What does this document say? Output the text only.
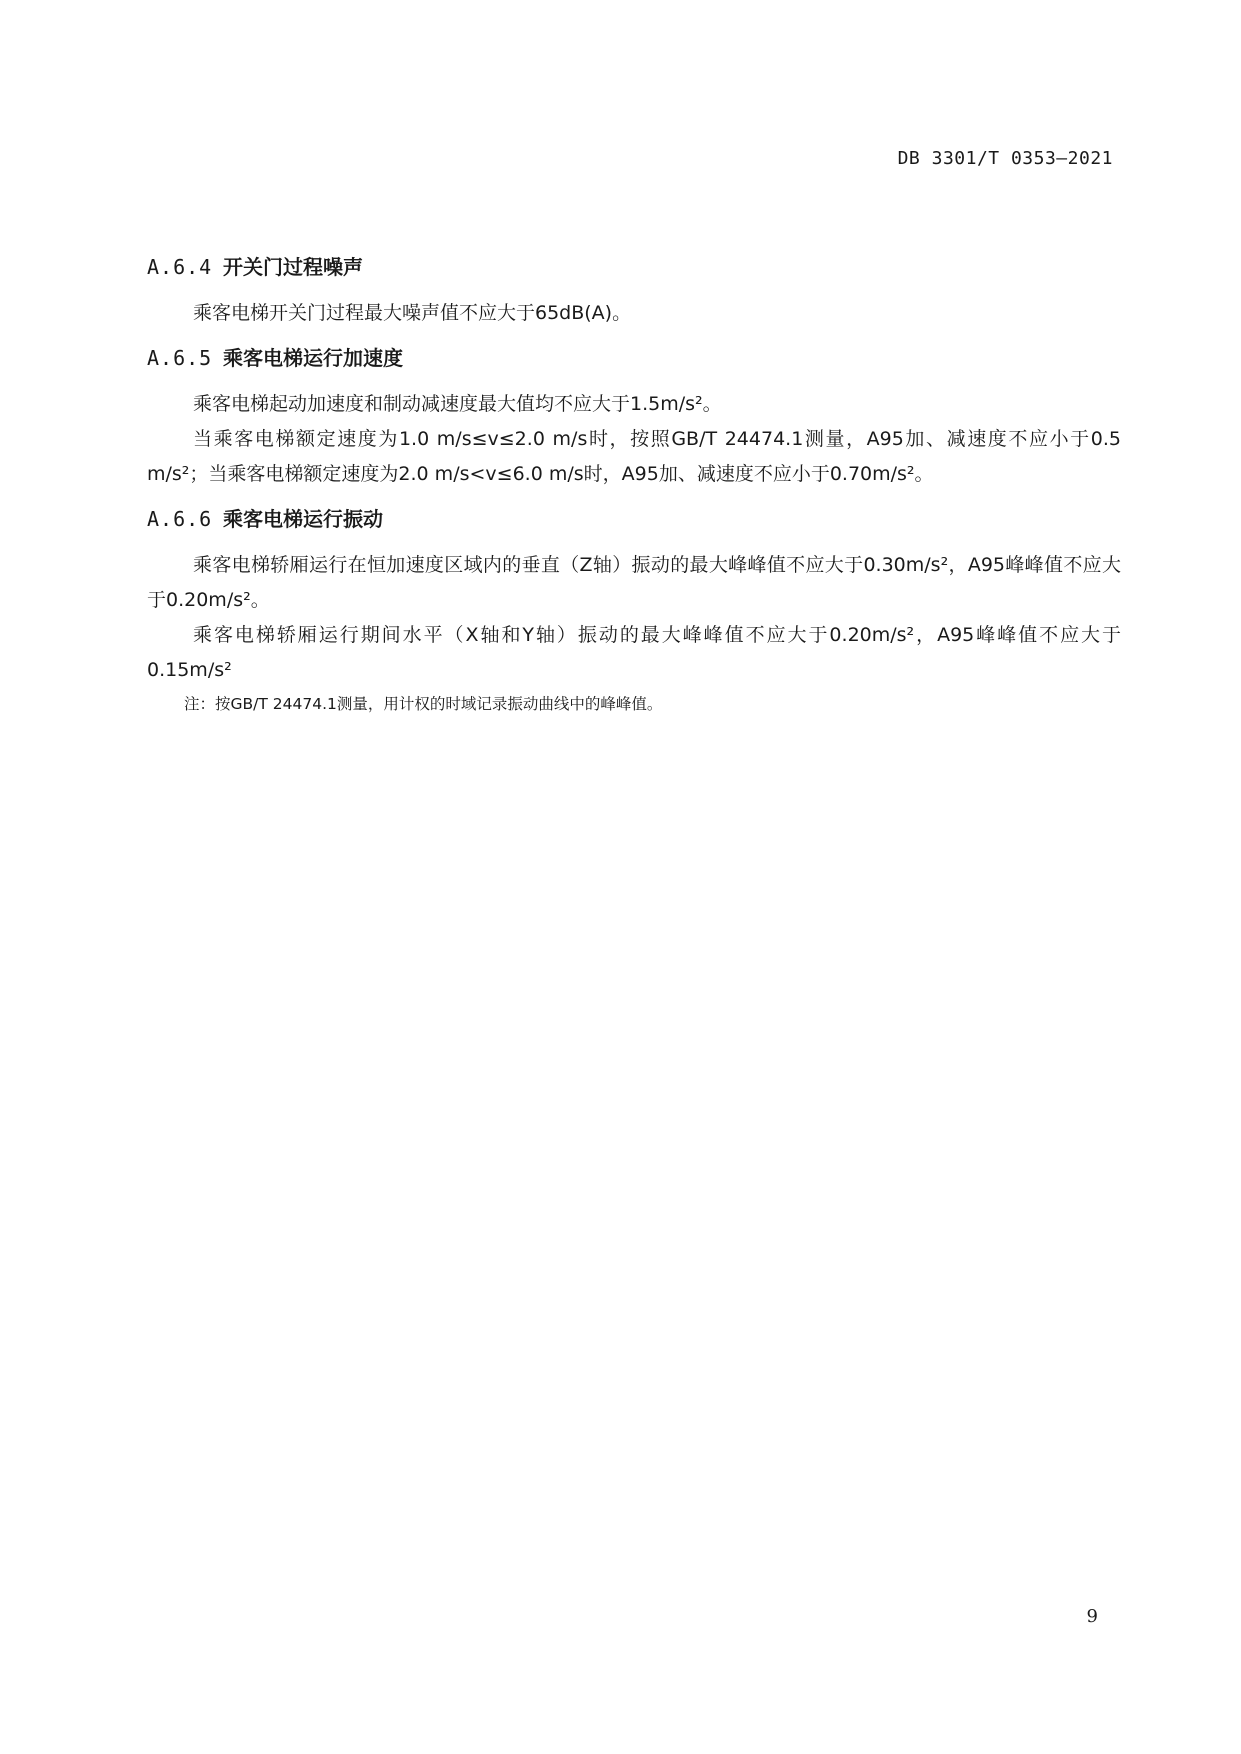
DB 3301/T 0353—2021
A.6.4 开关门过程噪声

乘客电梯开关门过程最大噪声值不应大于65dB(A)。

A.6.5 乘客电梯运行加速度

乘客电梯起动加速度和制动减速度最大值均不应大于1.5m/s²。

当乘客电梯额定速度为1.0 m/s≤v≤2.0 m/s时，按照GB/T 24474.1测量，A95加、减速度不应小于0.5 m/s²；当乘客电梯额定速度为2.0 m/s<v≤6.0 m/s时，A95加、减速度不应小于0.70m/s²。

A.6.6 乘客电梯运行振动

乘客电梯轿厢运行在恒加速度区域内的垂直（Z轴）振动的最大峰峰值不应大于0.30m/s²，A95峰峰值不应大于0.20m/s²。

乘客电梯轿厢运行期间水平（X轴和Y轴）振动的最大峰峰值不应大于0.20m/s²，A95峰峰值不应大于0.15m/s²

注：按GB/T 24474.1测量，用计权的时域记录振动曲线中的峰峰值。
9
